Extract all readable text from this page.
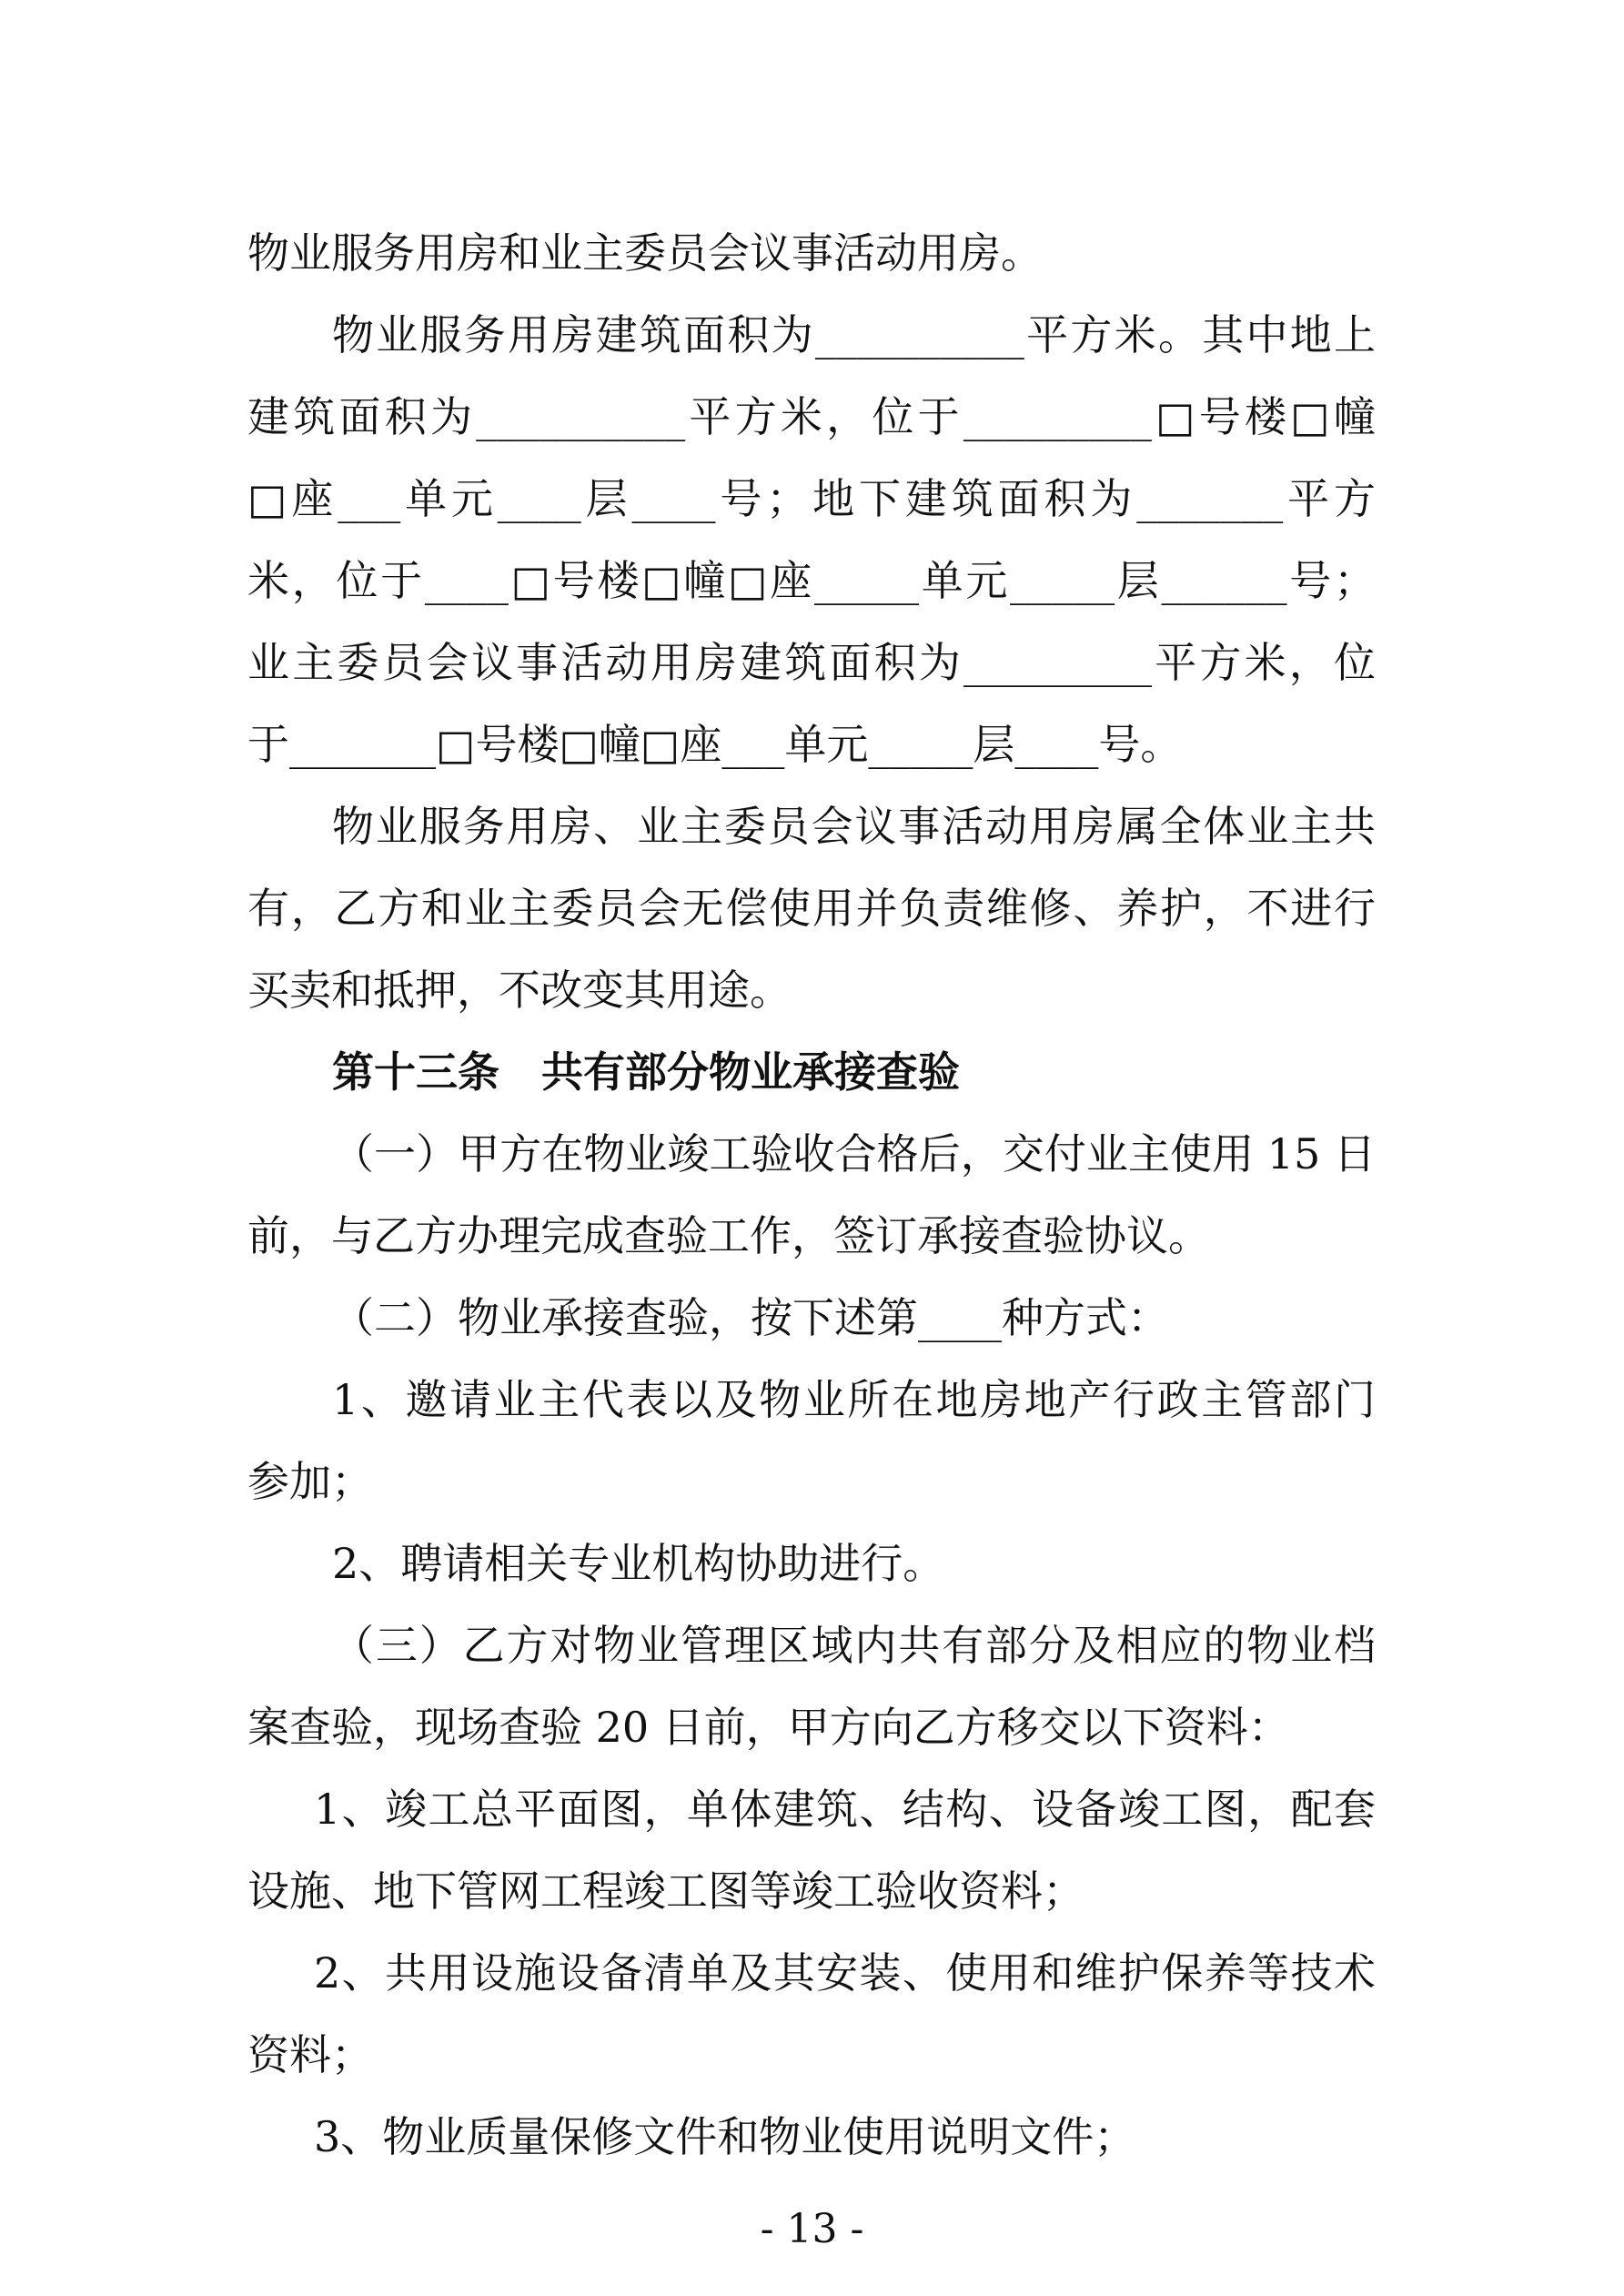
物业服务用房和业主委员会议事活动用房。
物业服务用房建筑面积为__________平方米。其中地上
建筑面积为__________平方米，位于_________□号楼□幢
□座___单元____层____号；地下建筑面积为_______平方
米，位于____□号楼□幢□座_____单元_____层______号；
业主委员会议事活动用房建筑面积为_________平方米，位
于_______□号楼□幢□座___单元_____层____号。
物业服务用房、业主委员会议事活动用房属全体业主共
有，乙方和业主委员会无偿使用并负责维修、养护，不进行
买卖和抵押，不改变其用途。
第十三条　共有部分物业承接查验
（一）甲方在物业竣工验收合格后，交付业主使用 15 日
前，与乙方办理完成查验工作，签订承接查验协议。
（二）物业承接查验，按下述第____种方式：
1、邀请业主代表以及物业所在地房地产行政主管部门
参加；
2、聘请相关专业机构协助进行。
（三）乙方对物业管理区域内共有部分及相应的物业档
案查验，现场查验 20 日前，甲方向乙方移交以下资料：
1、竣工总平面图，单体建筑、结构、设备竣工图，配套
设施、地下管网工程竣工图等竣工验收资料；
2、共用设施设备清单及其安装、使用和维护保养等技术
资料；
3、物业质量保修文件和物业使用说明文件；
- 13 -
